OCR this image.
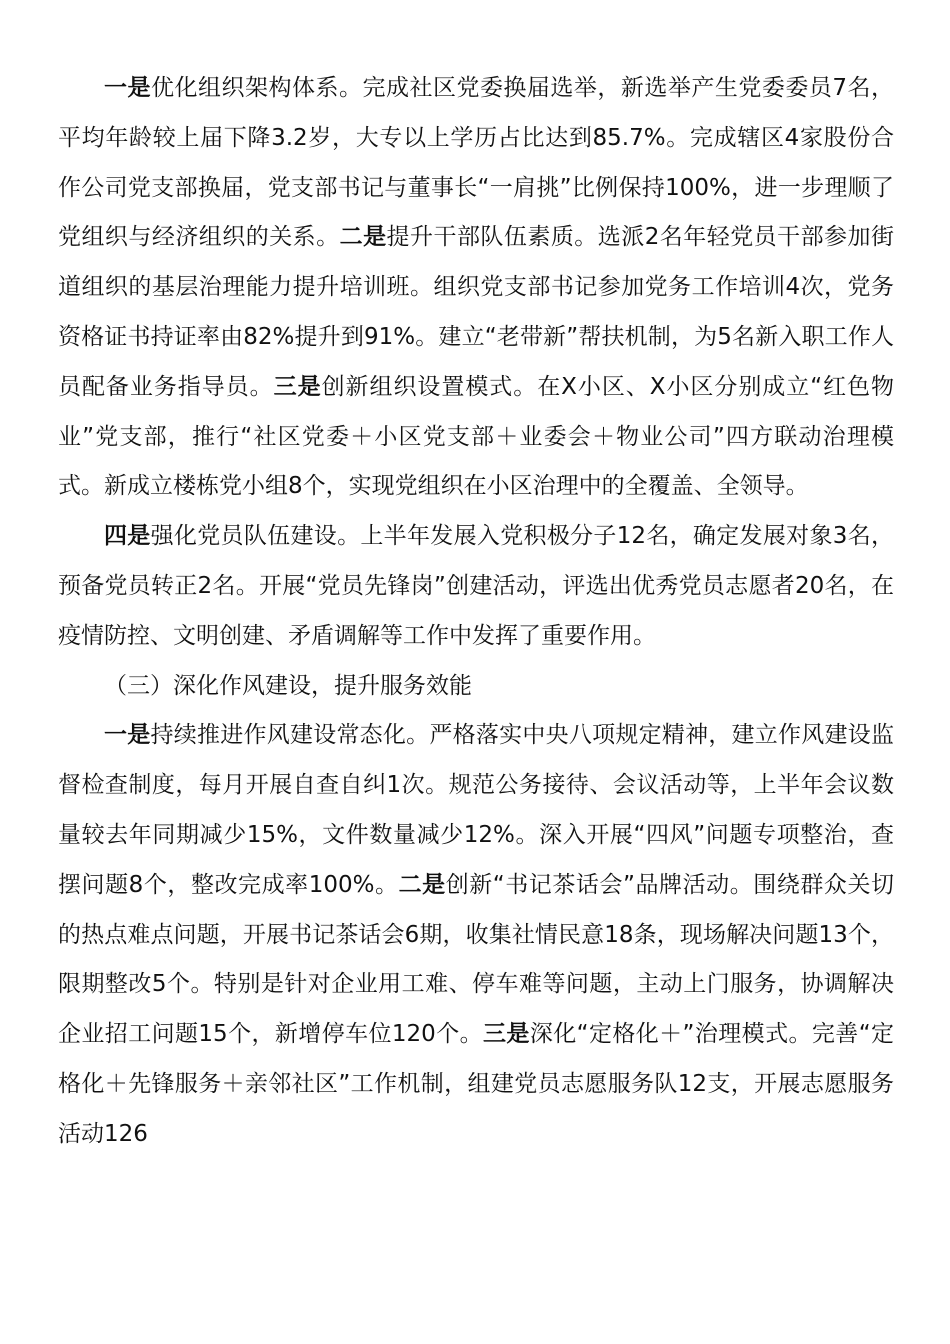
一是优化组织架构体系。完成社区党委换届选举，新选举产生党委委员7名，平均年龄较上届下降3.2岁，大专以上学历占比达到85.7%。完成辖区4家股份合作公司党支部换届，党支部书记与董事长“一肩挑”比例保持100%，进一步理顺了党组织与经济组织的关系。二是提升干部队伍素质。选派2名年轻党员干部参加街道组织的基层治理能力提升培训班。组织党支部书记参加党务工作培训4次，党务资格证书持证率由82%提升到91%。建立“老带新”帮扶机制，为5名新入职工作人员配备业务指导员。三是创新组织设置模式。在X小区、X小区分别成立“红色物业”党支部，推行“社区党委＋小区党支部＋业委会＋物业公司”四方联动治理模式。新成立楼栋党小组8个，实现党组织在小区治理中的全覆盖、全领导。

四是强化党员队伍建设。上半年发展入党积极分子12名，确定发展对象3名，预备党员转正2名。开展“党员先锋岗”创建活动，评选出优秀党员志愿者20名，在疫情防控、文明创建、矛盾调解等工作中发挥了重要作用。

（三）深化作风建设，提升服务效能

一是持续推进作风建设常态化。严格落实中央八项规定精神，建立作风建设监督检查制度，每月开展自查自纠1次。规范公务接待、会议活动等，上半年会议数量较去年同期减少15%，文件数量减少12%。深入开展“四风”问题专项整治，查摆问题8个，整改完成率100%。二是创新“书记茶话会”品牌活动。围绕群众关切的热点难点问题，开展书记茶话会6期，收集社情民意18条，现场解决问题13个，限期整改5个。特别是针对企业用工难、停车难等问题，主动上门服务，协调解决企业招工问题15个，新增停车位120个。三是深化“定格化＋”治理模式。完善“定格化＋先锋服务＋亲邻社区”工作机制，组建党员志愿服务队12支，开展志愿服务活动126
